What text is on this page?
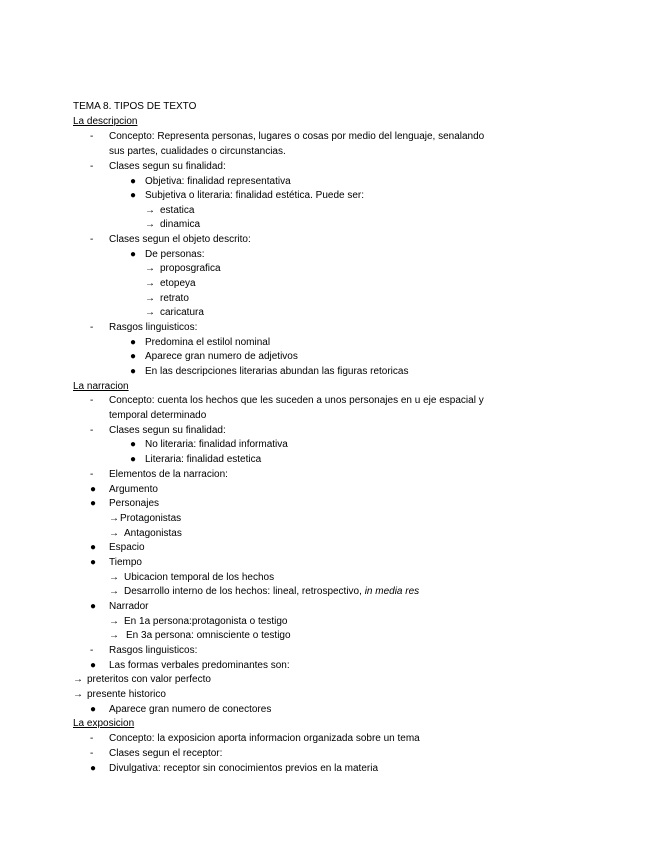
TEMA 8. TIPOS DE TEXTO
La descripcion
- Concepto: Representa personas, lugares o cosas por medio del lenguaje, senalando
sus partes, cualidades o circunstancias.
- Clases segun su finalidad:
● Objetiva: finalidad representativa
● Subjetiva o literaria: finalidad estética. Puede ser:
→ estatica
→ dinamica
- Clases segun el objeto descrito:
● De personas:
→ proposgrafica
→ etopeya
→ retrato
→ caricatura
- Rasgos linguisticos:
● Predomina el estilol nominal
● Aparece gran numero de adjetivos
● En las descripciones literarias abundan las figuras retoricas
La narracion
- Concepto: cuenta los hechos que les suceden a unos personajes en u eje espacial y
temporal determinado
- Clases segun su finalidad:
● No literaria: finalidad informativa
● Literaria: finalidad estetica
- Elementos de la narracion:
● Argumento
● Personajes
→ Protagonistas
→ Antagonistas
● Espacio
● Tiempo
→ Ubicacion temporal de los hechos
→ Desarrollo interno de los hechos: lineal, retrospectivo, in media res
● Narrador
→ En 1a persona:protagonista o testigo
→ En 3a persona: omnisciente o testigo
- Rasgos linguisticos:
● Las formas verbales predominantes son:
→ preteritos con valor perfecto
→ presente historico
● Aparece gran numero de conectores
La exposicion
- Concepto: la exposicion aporta informacion organizada sobre un tema
- Clases segun el receptor:
● Divulgativa: receptor sin conocimientos previos en la materia
